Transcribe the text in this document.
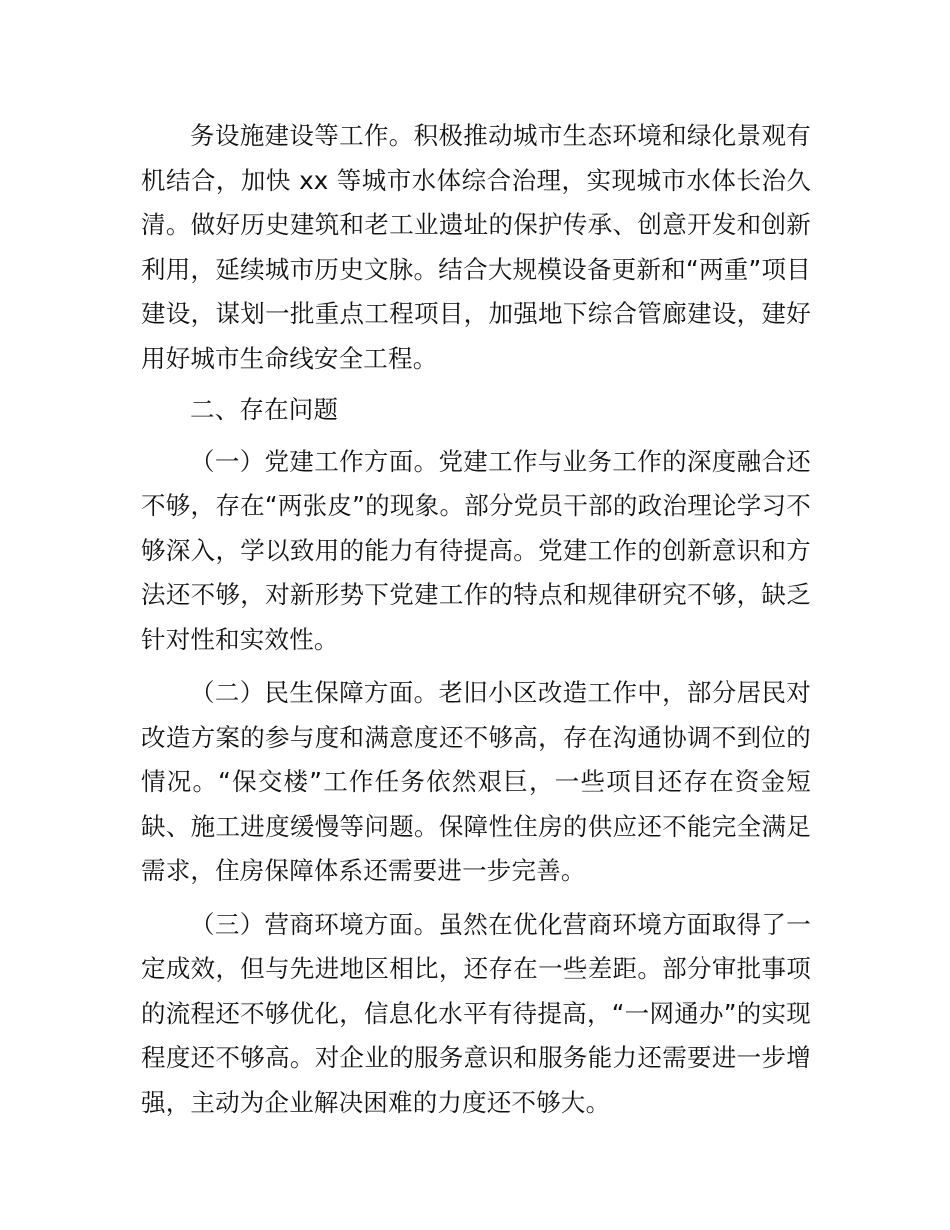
务设施建设等工作。积极推动城市生态环境和绿化景观有机结合，加快 xx 等城市水体综合治理，实现城市水体长治久清。做好历史建筑和老工业遗址的保护传承、创意开发和创新利用，延续城市历史文脉。结合大规模设备更新和“两重”项目建设，谋划一批重点工程项目，加强地下综合管廊建设，建好用好城市生命线安全工程。

二、存在问题

（一）党建工作方面。党建工作与业务工作的深度融合还不够，存在“两张皮”的现象。部分党员干部的政治理论学习不够深入，学以致用的能力有待提高。党建工作的创新意识和方法还不够，对新形势下党建工作的特点和规律研究不够，缺乏针对性和实效性。

（二）民生保障方面。老旧小区改造工作中，部分居民对改造方案的参与度和满意度还不够高，存在沟通协调不到位的情况。“保交楼”工作任务依然艰巨，一些项目还存在资金短缺、施工进度缓慢等问题。保障性住房的供应还不能完全满足需求，住房保障体系还需要进一步完善。

（三）营商环境方面。虽然在优化营商环境方面取得了一定成效，但与先进地区相比，还存在一些差距。部分审批事项的流程还不够优化，信息化水平有待提高，“一网通办”的实现程度还不够高。对企业的服务意识和服务能力还需要进一步增强，主动为企业解决困难的力度还不够大。
